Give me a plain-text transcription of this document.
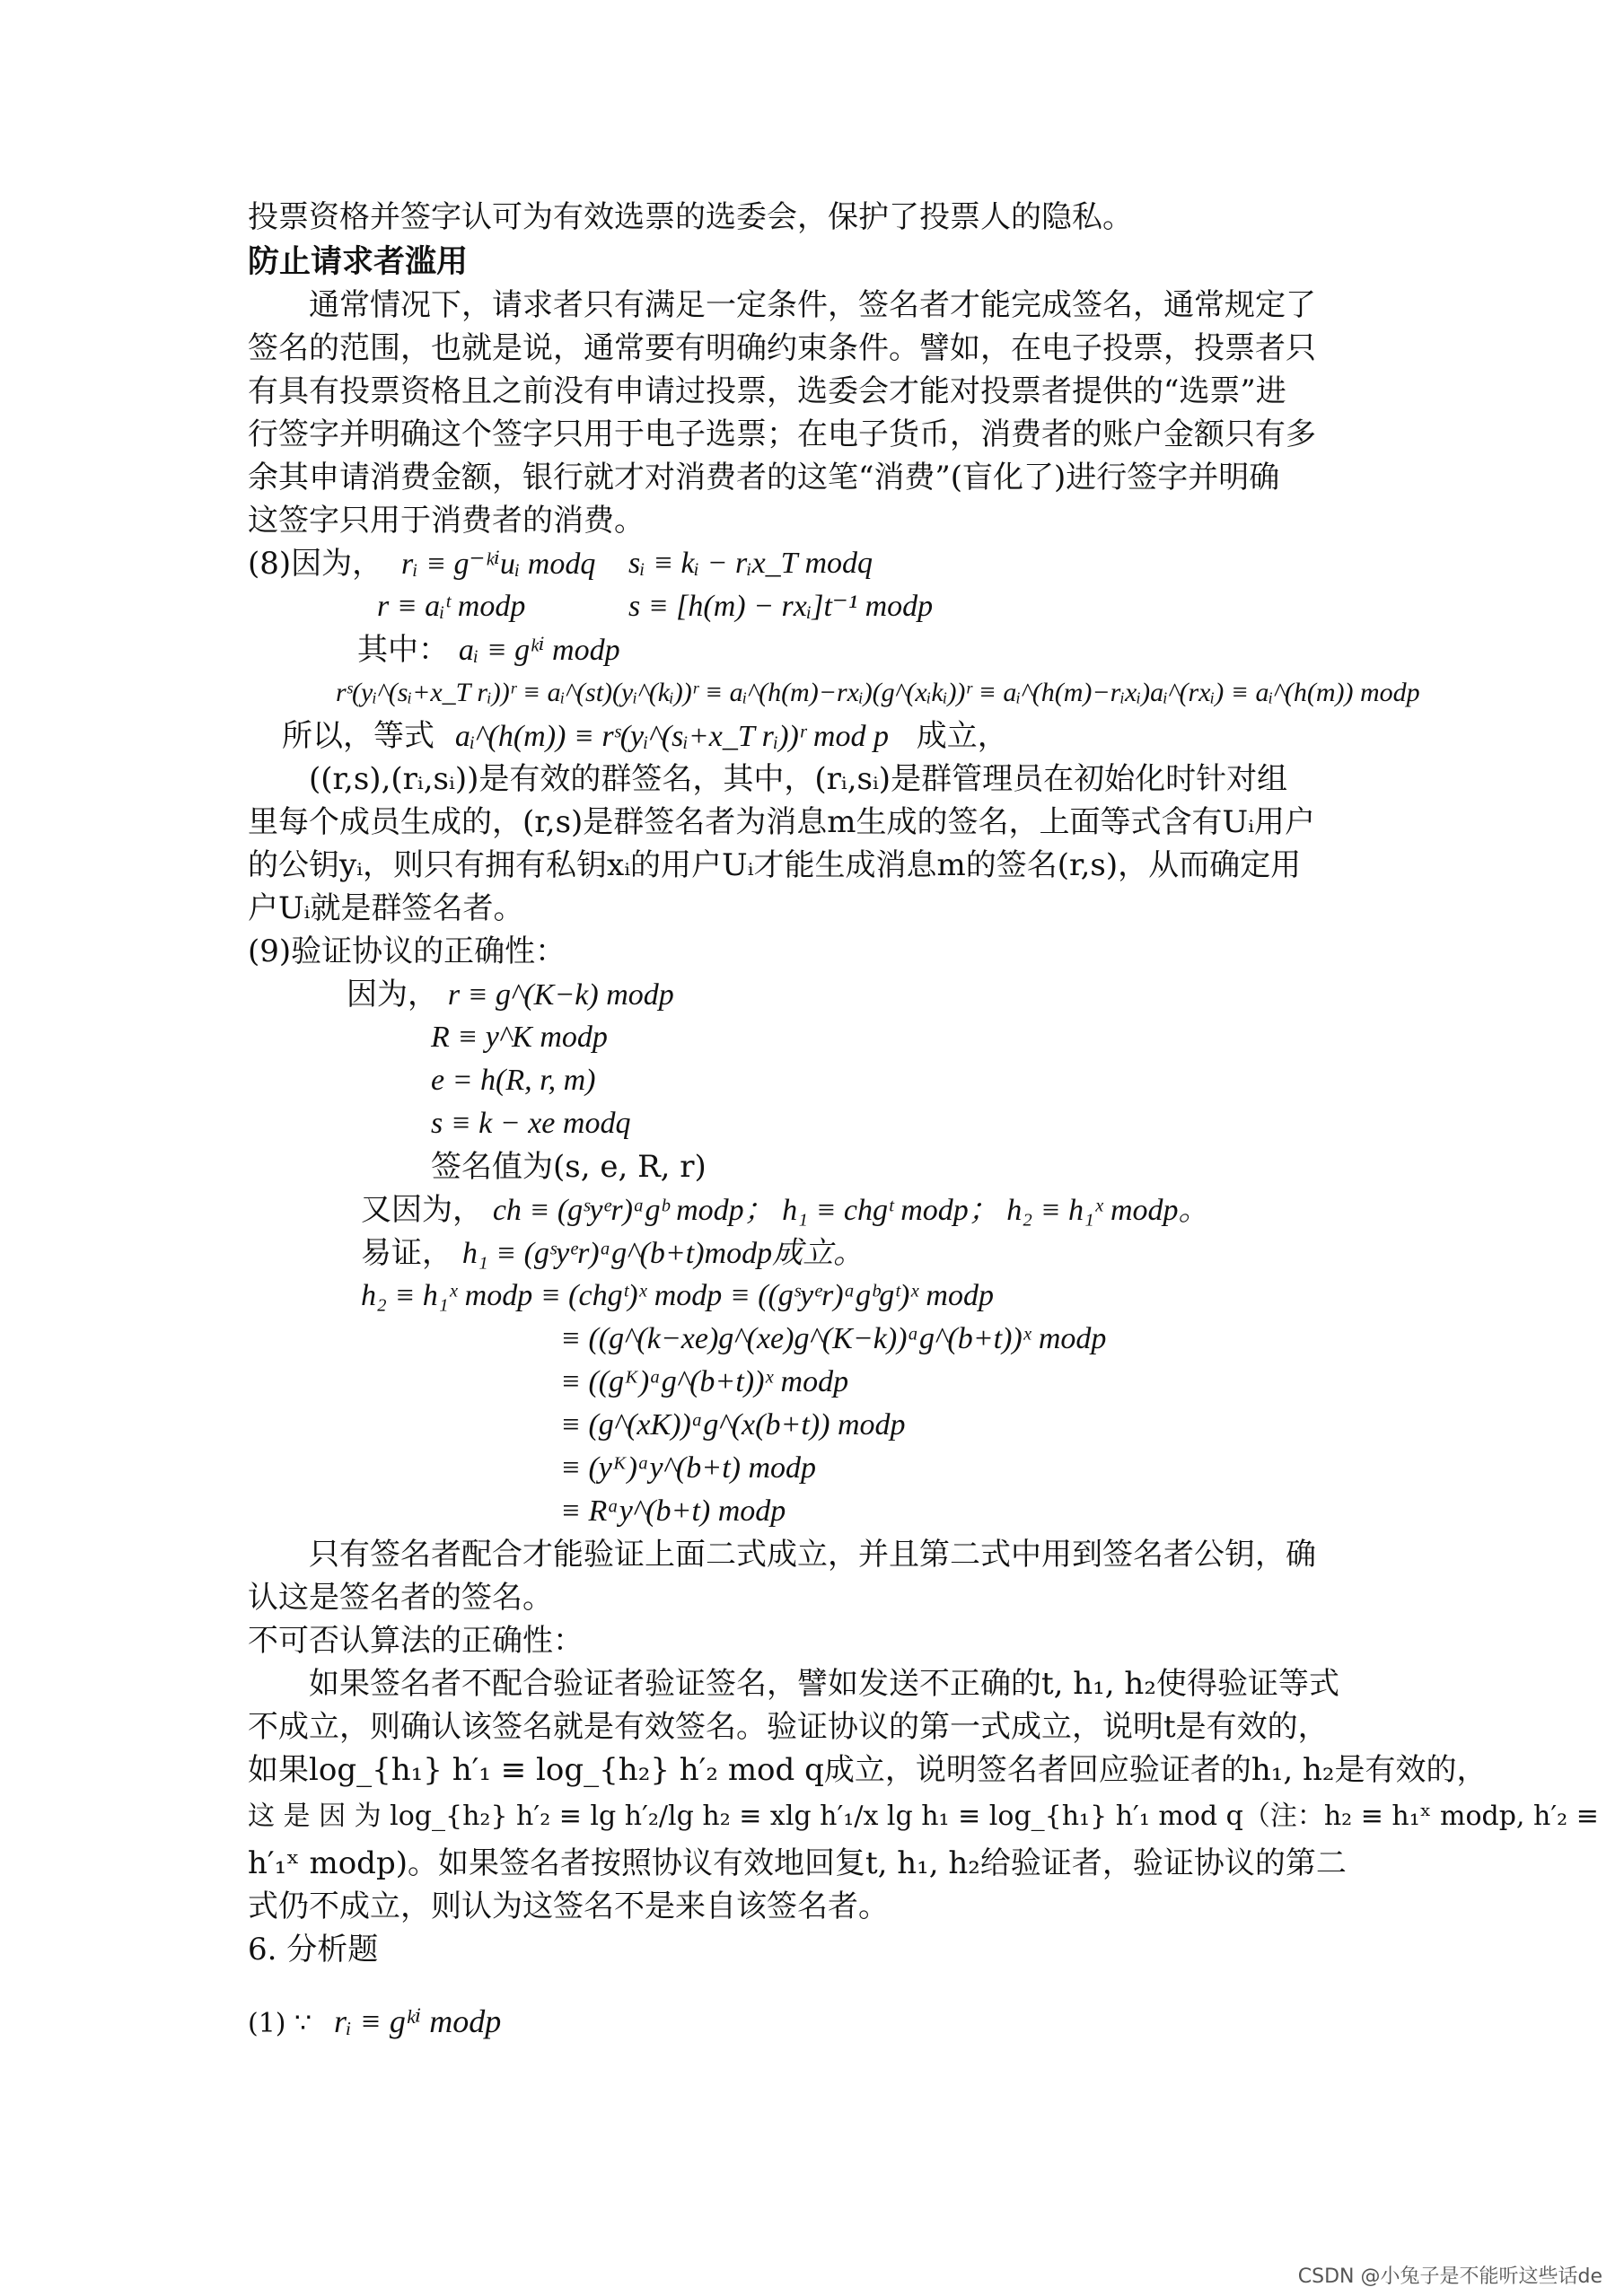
投票资格并签字认可为有效选票的选委会，保护了投票人的隐私。
防止请求者滥用
　　通常情况下，请求者只有满足一定条件，签名者才能完成签名，通常规定了
签名的范围，也就是说，通常要有明确约束条件。譬如，在电子投票，投票者只
有具有投票资格且之前没有申请过投票，选委会才能对投票者提供的“选票”进
行签字并明确这个签字只用于电子选票；在电子货币，消费者的账户金额只有多
余其申请消费金额，银行就才对消费者的这笔“消费”(盲化了)进行签字并明确
这签字只用于消费者的消费。
(8)因为， rᵢ ≡ g⁻ᵏⁱuᵢ modq sᵢ ≡ kᵢ − rᵢx_T modq
r ≡ aᵢᵗ modp	s ≡ [h(m) − rxᵢ]t⁻¹ modp
其中： aᵢ ≡ gᵏⁱ modp
rˢ(yᵢ^(sᵢ+x_T rᵢ))ʳ ≡ aᵢ^(st)(yᵢ^(kᵢ))ʳ ≡ aᵢ^(h(m)−rxᵢ)(g^(xᵢkᵢ))ʳ ≡ aᵢ^(h(m)−rᵢxᵢ)aᵢ^(rxᵢ) ≡ aᵢ^(h(m)) modp
所以，等式 aᵢ^(h(m)) ≡ rˢ(yᵢ^(sᵢ+x_T rᵢ))ʳ mod p 成立，
　　((r,s),(rᵢ,sᵢ))是有效的群签名，其中，(rᵢ,sᵢ)是群管理员在初始化时针对组
里每个成员生成的，(r,s)是群签名者为消息m生成的签名，上面等式含有Uᵢ用户
的公钥yᵢ，则只有拥有私钥xᵢ的用户Uᵢ才能生成消息m的签名(r,s)，从而确定用
户Uᵢ就是群签名者。
(9)验证协议的正确性：
因为， r ≡ g^(K−k) modp
R ≡ y^K modp
e = h(R, r, m)
s ≡ k − xe modq
签名值为(s, e, R, r)
又因为， ch ≡ (gˢyᵉr)ᵃgᵇ modp； h₁ ≡ chgᵗ modp； h₂ ≡ h₁ˣ modp。
易证， h₁ ≡ (gˢyᵉr)ᵃg^(b+t)modp成立。
h₂ ≡ h₁ˣ modp ≡ (chgᵗ)ˣ modp ≡ ((gˢyᵉr)ᵃgᵇgᵗ)ˣ modp
≡ ((g^(k−xe)g^(xe)g^(K−k))ᵃg^(b+t))ˣ modp
≡ ((gᴷ)ᵃg^(b+t))ˣ modp
≡ (g^(xK))ᵃg^(x(b+t)) modp
≡ (yᴷ)ᵃy^(b+t) modp
≡ Rᵃy^(b+t) modp
　　只有签名者配合才能验证上面二式成立，并且第二式中用到签名者公钥，确
认这是签名者的签名。
不可否认算法的正确性：
　　如果签名者不配合验证者验证签名，譬如发送不正确的t, h₁, h₂使得验证等式
不成立，则确认该签名就是有效签名。验证协议的第一式成立，说明t是有效的，
如果log_{h₁} h′₁ ≡ log_{h₂} h′₂ mod q成立，说明签名者回应验证者的h₁, h₂是有效的，
这 是 因 为 log_{h₂} h′₂ ≡ lg h′₂/lg h₂ ≡ xlg h′₁/x lg h₁ ≡ log_{h₁} h′₁ mod q（注：h₂ ≡ h₁ˣ modp, h′₂ ≡
h′₁ˣ modp)。如果签名者按照协议有效地回复t, h₁, h₂给验证者，验证协议的第二
式仍不成立，则认为这签名不是来自该签名者。
6. 分析题
(1) ∵ rᵢ ≡ gᵏⁱ modp
CSDN @小兔子是不能听这些话de
